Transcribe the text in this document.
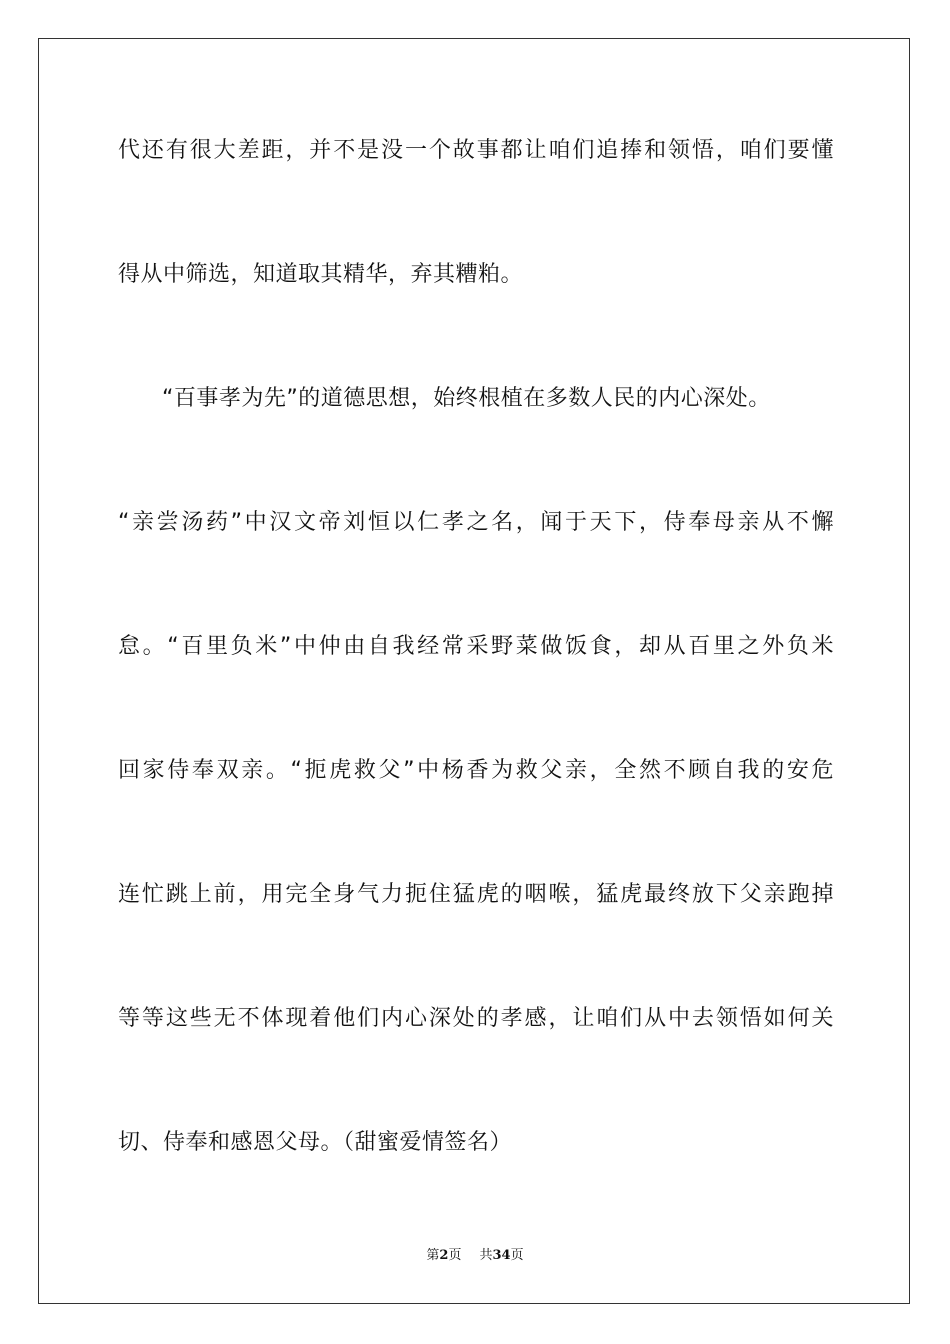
代还有很大差距，并不是没一个故事都让咱们追捧和领悟，咱们要懂
得从中筛选，知道取其精华，弃其糟粕。
“百事孝为先”的道德思想，始终根植在多数人民的内心深处。
“亲尝汤药”中汉文帝刘恒以仁孝之名，闻于天下，侍奉母亲从不懈
怠。“百里负米”中仲由自我经常采野菜做饭食，却从百里之外负米
回家侍奉双亲。“扼虎救父”中杨香为救父亲，全然不顾自我的安危
连忙跳上前，用完全身气力扼住猛虎的咽喉，猛虎最终放下父亲跑掉
等等这些无不体现着他们内心深处的孝感，让咱们从中去领悟如何关
切、侍奉和感恩父母。（甜蜜爱情签名）
第2页 共34页
